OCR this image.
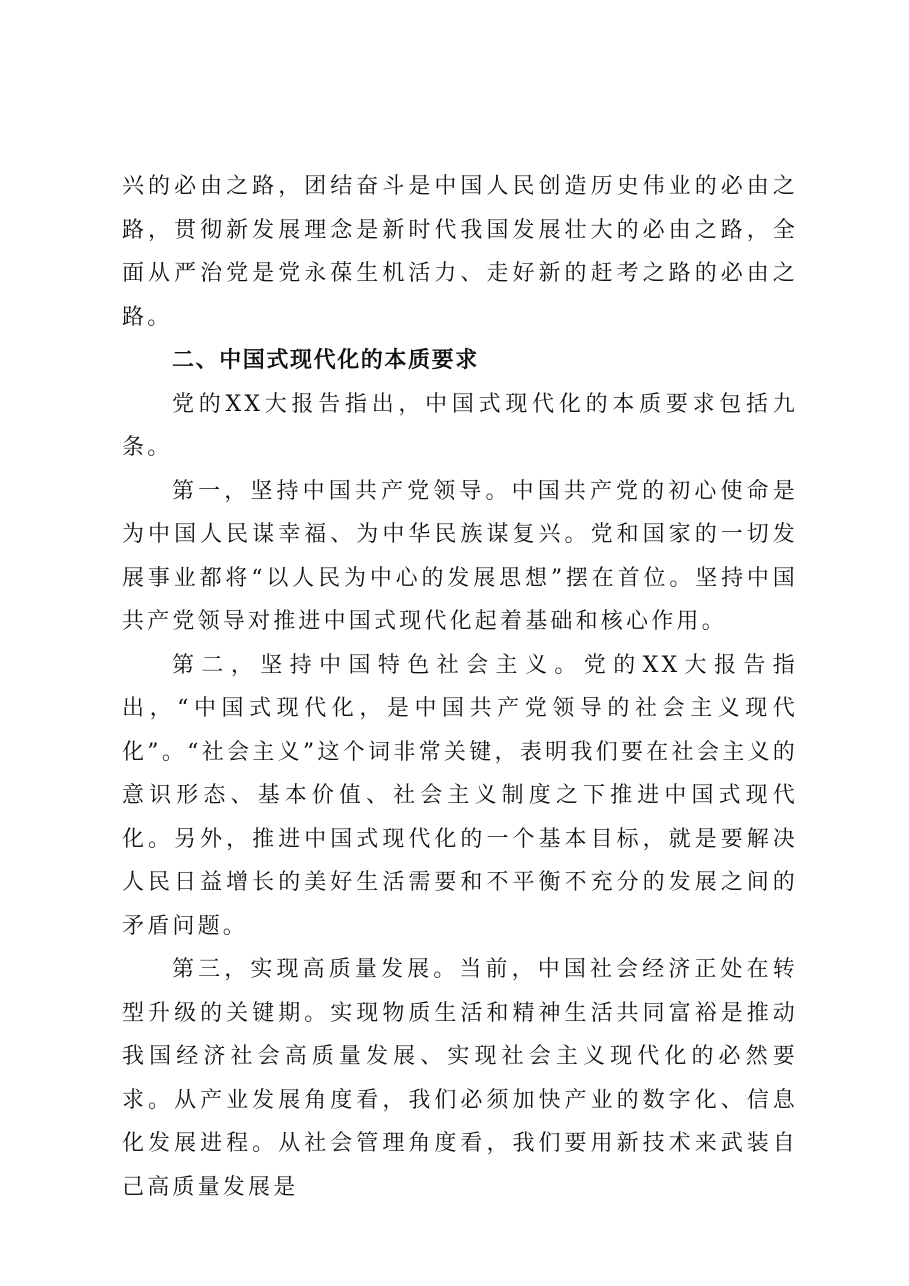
兴的必由之路，团结奋斗是中国人民创造历史伟业的必由之路，贯彻新发展理念是新时代我国发展壮大的必由之路，全面从严治党是党永葆生机活力、走好新的赶考之路的必由之路。

二、中国式现代化的本质要求

党的XX大报告指出，中国式现代化的本质要求包括九条。

第一，坚持中国共产党领导。中国共产党的初心使命是为中国人民谋幸福、为中华民族谋复兴。党和国家的一切发展事业都将“以人民为中心的发展思想”摆在首位。坚持中国共产党领导对推进中国式现代化起着基础和核心作用。

第二，坚持中国特色社会主义。党的XX大报告指出，“中国式现代化，是中国共产党领导的社会主义现代化”。“社会主义”这个词非常关键，表明我们要在社会主义的意识形态、基本价值、社会主义制度之下推进中国式现代化。另外，推进中国式现代化的一个基本目标，就是要解决人民日益增长的美好生活需要和不平衡不充分的发展之间的矛盾问题。

第三，实现高质量发展。当前，中国社会经济正处在转型升级的关键期。实现物质生活和精神生活共同富裕是推动我国经济社会高质量发展、实现社会主义现代化的必然要求。从产业发展角度看，我们必须加快产业的数字化、信息化发展进程。从社会管理角度看，我们要用新技术来武装自己高质量发展是
